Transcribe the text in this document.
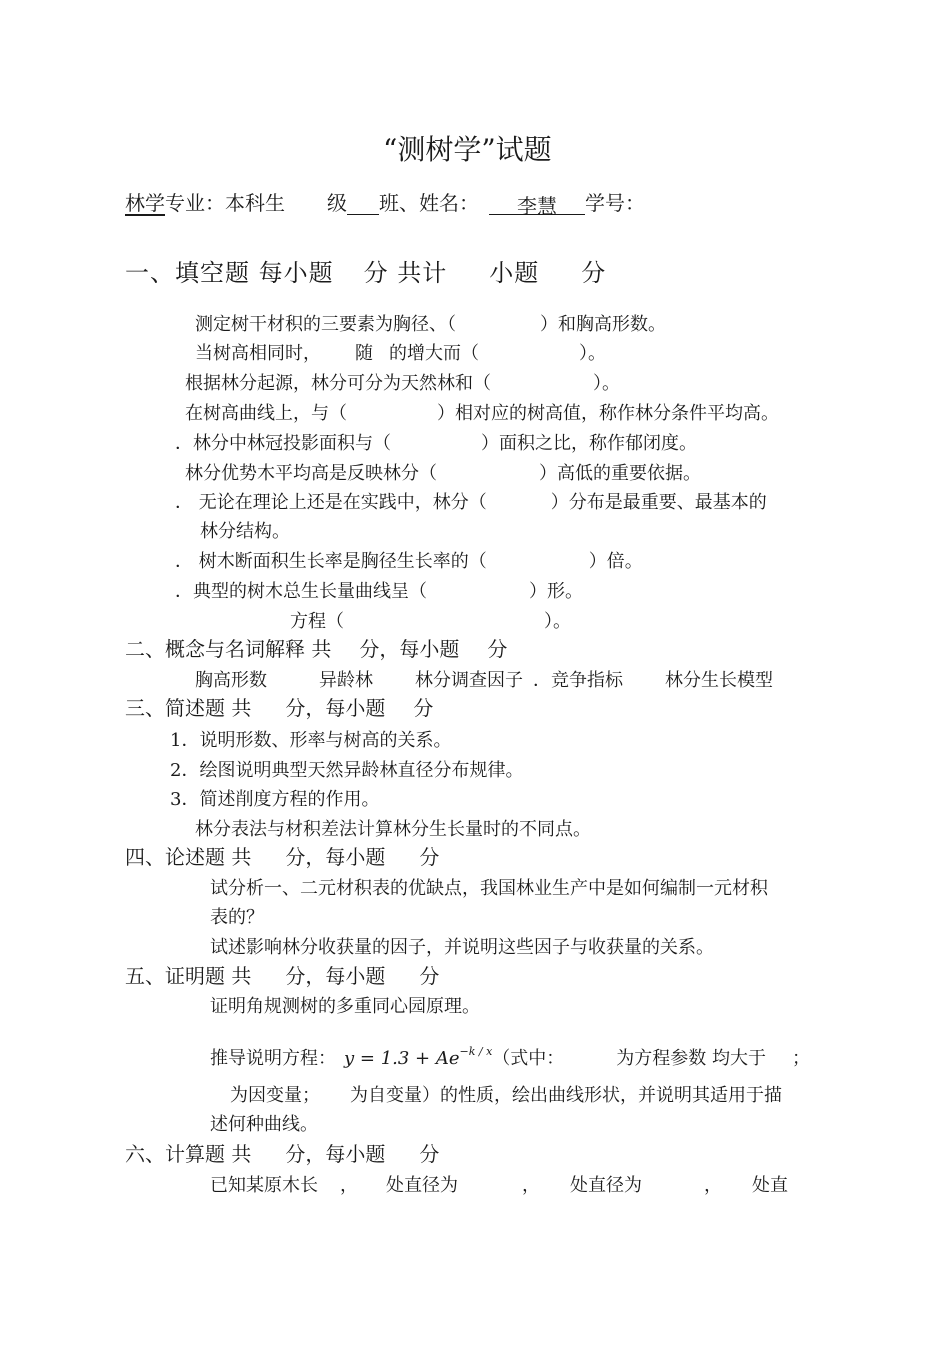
“测树学”试题
林学专业：本科生 级 班、姓名： 李慧 学号：
一、填空题 每小题 分 共计 小题 分
测定树干材积的三要素为胸径、（	）和胸高形数。
当树高相同时， 随 的增大而（	）。
根据林分起源，林分可分为天然林和（	）。
在树高曲线上，与（	）相对应的树高值，称作林分条件平均高。
．林分中林冠投影面积与（	）面积之比，称作郁闭度。
林分优势木平均高是反映林分（	）高低的重要依据。
． 无论在理论上还是在实践中，林分（	）分布是最重要、最基本的
林分结构。
． 树木断面积生长率是胸径生长率的（	）倍。
．典型的树木总生长量曲线呈（	）形。
方程（	）。
二、概念与名词解释 共 分，每小题 分
胸高形数	异龄林 林分调查因子 ．竞争指标 林分生长模型
三、简述题 共 分，每小题 分
1．说明形数、形率与树高的关系。
2．绘图说明典型天然异龄林直径分布规律。
3．简述削度方程的作用。
林分表法与材积差法计算林分生长量时的不同点。
四、论述题 共 分，每小题 分
试分析一、二元材积表的优缺点，我国林业生产中是如何编制一元材积
表的？
试述影响林分收获量的因子，并说明这些因子与收获量的关系。
五、证明题 共 分，每小题 分
证明角规测树的多重同心园原理。
推导说明方程： $y = 1.3 + Ae^{-k / x}$（式中：	为方程参数 均大于 ；
为因变量； 为自变量）的性质，绘出曲线形状，并说明其适用于描
述何种曲线。
六、计算题 共 分，每小题 分
已知某原木长 ， 处直径为	， 处直径为	， 处直
